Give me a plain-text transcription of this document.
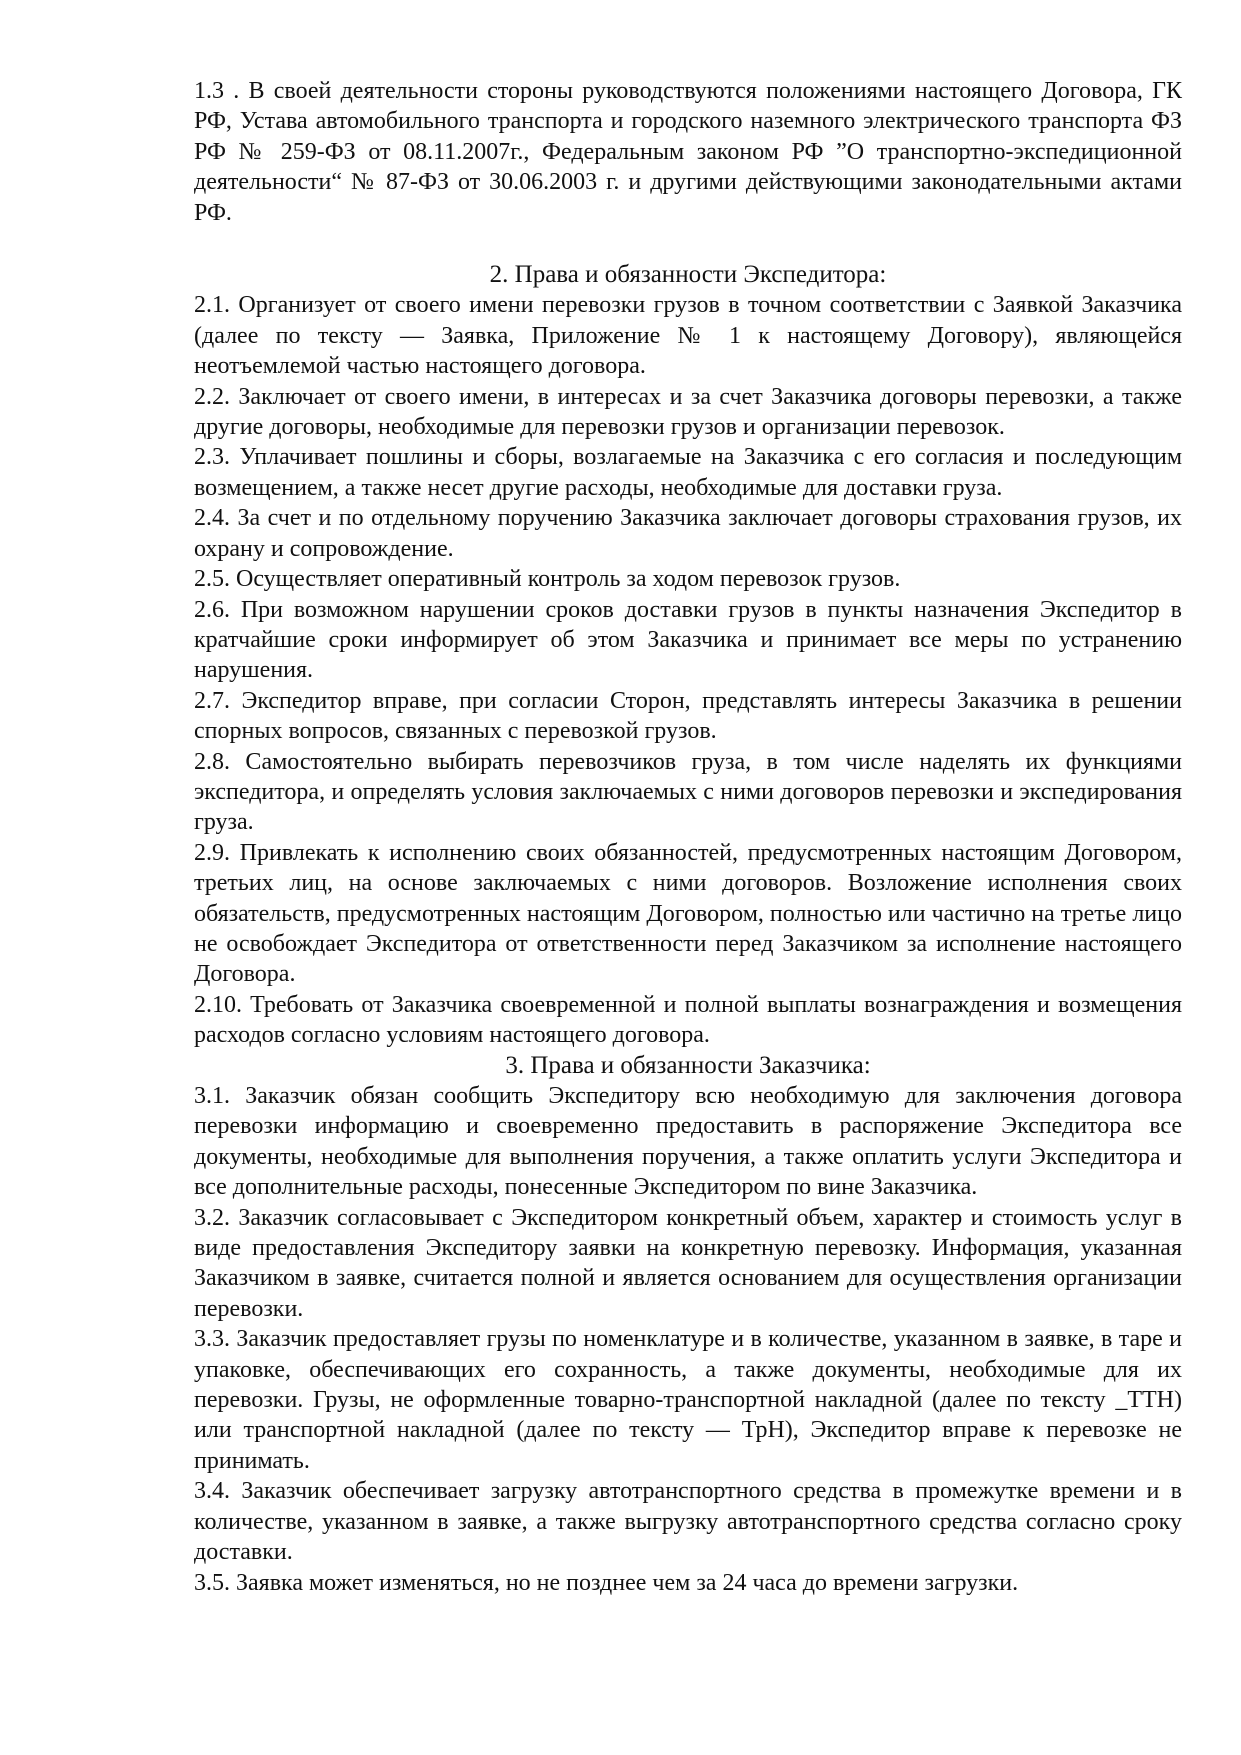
1.3 . В своей деятельности стороны руководствуются положениями настоящего Договора, ГК РФ, Устава автомобильного транспорта и городского наземного электрического транспорта ФЗ РФ № 259-ФЗ от 08.11.2007г., Федеральным законом РФ ”О транспортно-экспедиционной деятельности“ № 87-ФЗ от 30.06.2003 г. и другими действующими законодательными актами РФ.

2. Права и обязанности Экспедитора:

2.1. Организует от своего имени перевозки грузов в точном соответствии с Заявкой Заказчика (далее по тексту — Заявка, Приложение № 1 к настоящему Договору), являющейся неотъемлемой частью настоящего договора.

2.2. Заключает от своего имени, в интересах и за счет Заказчика договоры перевозки, а также другие договоры, необходимые для перевозки грузов и организации перевозок.

2.3. Уплачивает пошлины и сборы, возлагаемые на Заказчика с его согласия и последующим возмещением, а также несет другие расходы, необходимые для доставки груза.

2.4. За счет и по отдельному поручению Заказчика заключает договоры страхования грузов, их охрану и сопровождение.

2.5. Осуществляет оперативный контроль за ходом перевозок грузов.

2.6. При возможном нарушении сроков доставки грузов в пункты назначения Экспедитор в кратчайшие сроки информирует об этом Заказчика и принимает все меры по устранению нарушения.

2.7. Экспедитор вправе, при согласии Сторон, представлять интересы Заказчика в решении спорных вопросов, связанных с перевозкой грузов.

2.8. Самостоятельно выбирать перевозчиков груза, в том числе наделять их функциями экспедитора, и определять условия заключаемых с ними договоров перевозки и экспедирования груза.

2.9. Привлекать к исполнению своих обязанностей, предусмотренных настоящим Договором, третьих лиц, на основе заключаемых с ними договоров. Возложение исполнения своих обязательств, предусмотренных настоящим Договором, полностью или частично на третье лицо не освобождает Экспедитора от ответственности перед Заказчиком за исполнение настоящего Договора.

2.10. Требовать от Заказчика своевременной и полной выплаты вознаграждения и возмещения расходов согласно условиям настоящего договора.

3. Права и обязанности Заказчика:

3.1. Заказчик обязан сообщить Экспедитору всю необходимую для заключения договора перевозки информацию и своевременно предоставить в распоряжение Экспедитора все документы, необходимые для выполнения поручения, а также оплатить услуги Экспедитора и все дополнительные расходы, понесенные Экспедитором по вине Заказчика.

3.2. Заказчик согласовывает с Экспедитором конкретный объем, характер и стоимость услуг в виде предоставления Экспедитору заявки на конкретную перевозку. Информация, указанная Заказчиком в заявке, считается полной и является основанием для осуществления организации перевозки.

3.3. Заказчик предоставляет грузы по номенклатуре и в количестве, указанном в заявке, в таре и упаковке, обеспечивающих его сохранность, а также документы, необходимые для их перевозки. Грузы, не оформленные товарно-транспортной накладной (далее по тексту _ТТН) или транспортной накладной (далее по тексту — ТрН), Экспедитор вправе к перевозке не принимать.

3.4. Заказчик обеспечивает загрузку автотранспортного средства в промежутке времени и в количестве, указанном в заявке, а также выгрузку автотранспортного средства согласно сроку доставки.

3.5. Заявка может изменяться, но не позднее чем за 24 часа до времени загрузки.
